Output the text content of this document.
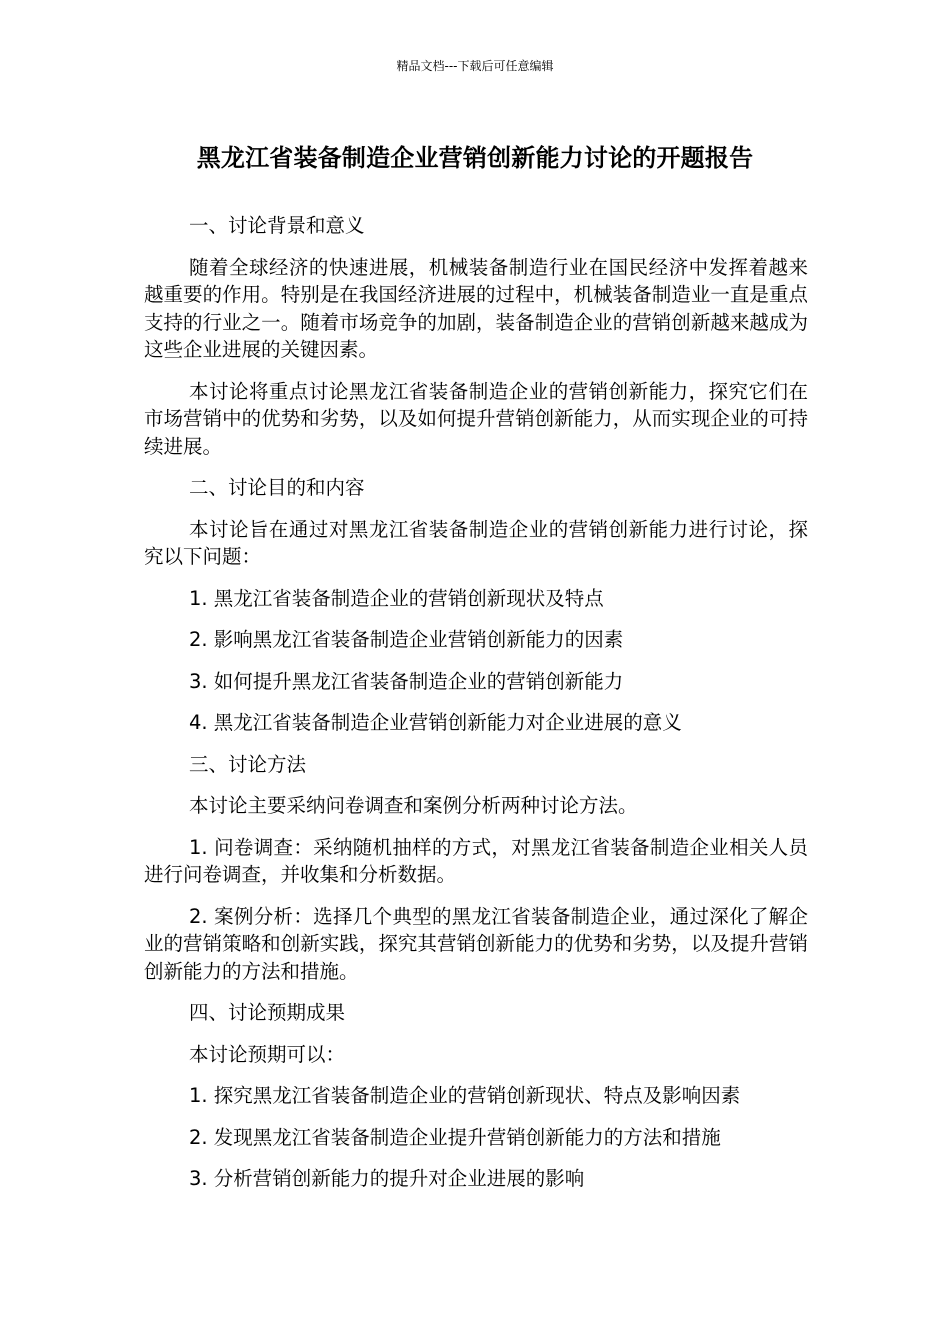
精品文档---下载后可任意编辑
黑龙江省装备制造企业营销创新能力讨论的开题报告

一、讨论背景和意义

随着全球经济的快速进展，机械装备制造行业在国民经济中发挥着越来越重要的作用。特别是在我国经济进展的过程中，机械装备制造业一直是重点支持的行业之一。随着市场竞争的加剧，装备制造企业的营销创新越来越成为这些企业进展的关键因素。

本讨论将重点讨论黑龙江省装备制造企业的营销创新能力，探究它们在市场营销中的优势和劣势，以及如何提升营销创新能力，从而实现企业的可持续进展。

二、讨论目的和内容

本讨论旨在通过对黑龙江省装备制造企业的营销创新能力进行讨论，探究以下问题：

1. 黑龙江省装备制造企业的营销创新现状及特点

2. 影响黑龙江省装备制造企业营销创新能力的因素

3. 如何提升黑龙江省装备制造企业的营销创新能力

4. 黑龙江省装备制造企业营销创新能力对企业进展的意义

三、讨论方法

本讨论主要采纳问卷调查和案例分析两种讨论方法。

1. 问卷调查：采纳随机抽样的方式，对黑龙江省装备制造企业相关人员进行问卷调查，并收集和分析数据。

2. 案例分析：选择几个典型的黑龙江省装备制造企业，通过深化了解企业的营销策略和创新实践，探究其营销创新能力的优势和劣势，以及提升营销创新能力的方法和措施。

四、讨论预期成果

本讨论预期可以：

1. 探究黑龙江省装备制造企业的营销创新现状、特点及影响因素

2. 发现黑龙江省装备制造企业提升营销创新能力的方法和措施

3. 分析营销创新能力的提升对企业进展的影响
